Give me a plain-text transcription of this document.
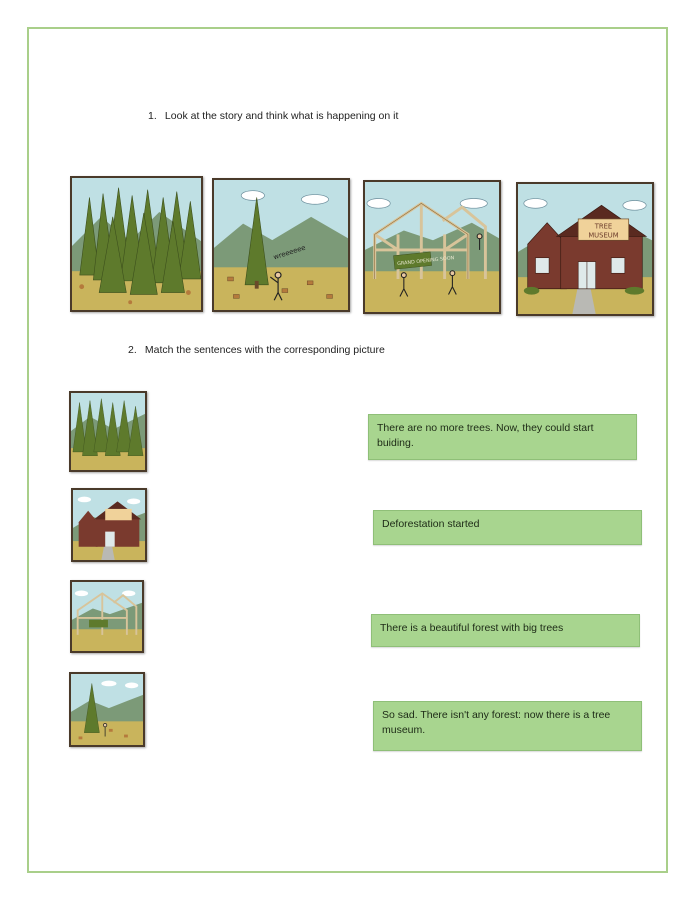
1. Look at the story and think what is happening on it
wreeeeee	GRAND OPENING SOON
TREE
MUSEUM
2. Match the sentences with the corresponding picture
There are no more trees. Now, they could start buiding.
Deforestation started
There is a beautiful forest with big trees
So sad. There isn't any forest: now there is a tree museum.
